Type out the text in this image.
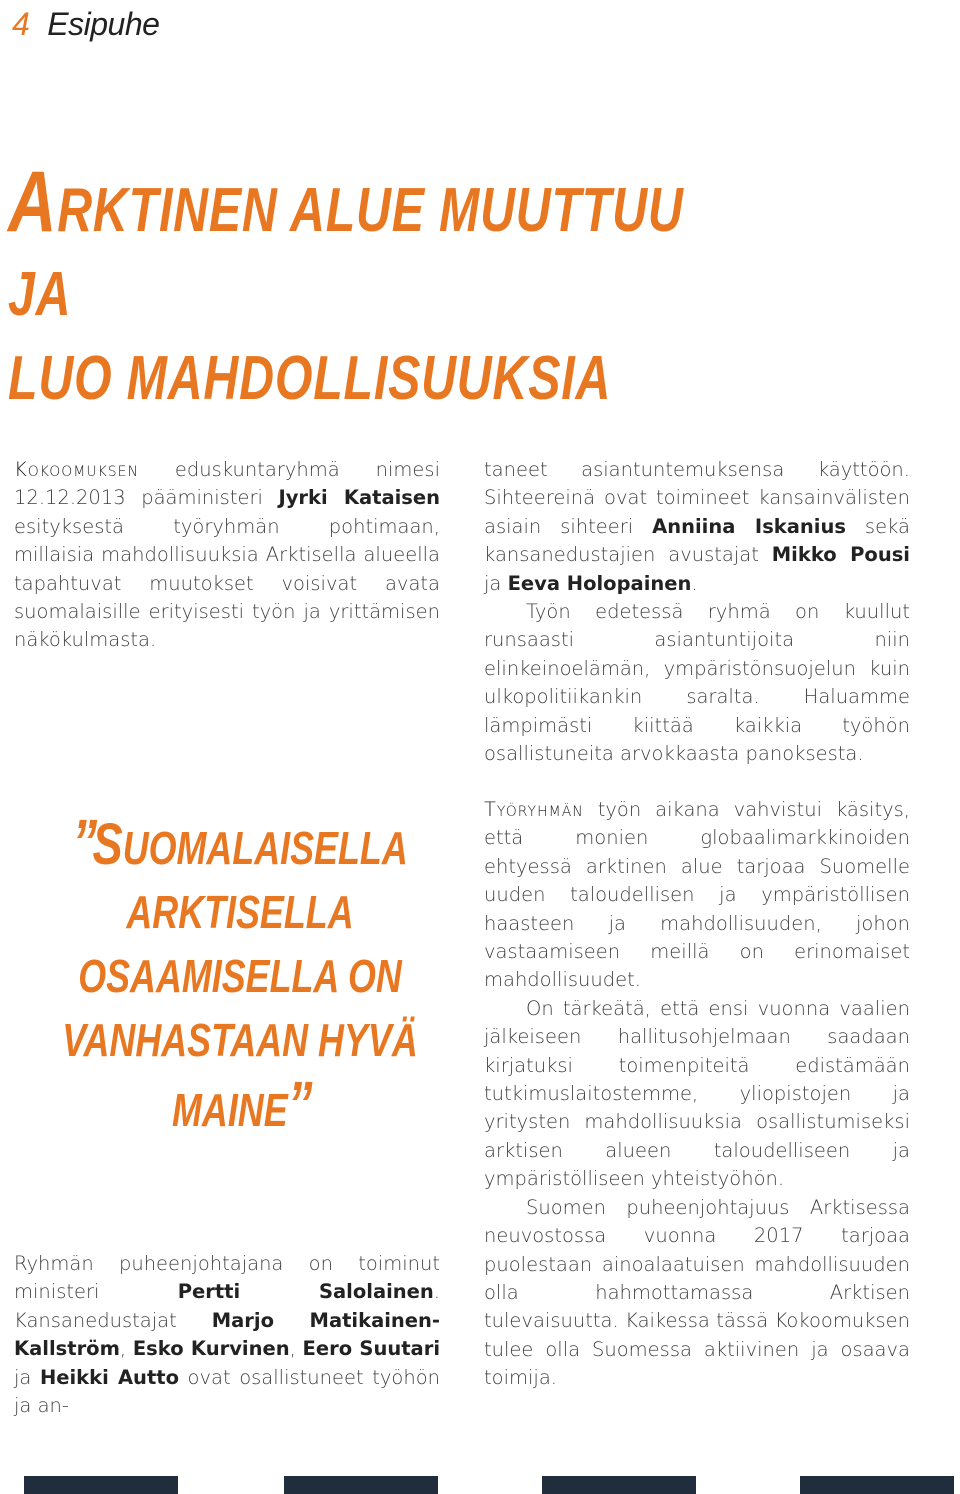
4 Esipuhe
ARKTINEN ALUE MUUTTUU JA
LUO MAHDOLLISUUKSIA

Kokoomuksen eduskuntaryhmä nimesi 12.12.2013 pääministeri Jyrki Kataisen esityksestä työryhmän pohtimaan, millaisia mahdollisuuksia Arktisella alueella tapahtuvat muutokset voisivat avata suomalaisille erityisesti työn ja yrittämisen näkökulmasta.

”SUOMALAISELLA
ARKTISELLA
OSAAMISELLA ON
VANHASTAAN HYVÄ
MAINE”

Ryhmän puheenjohtajana on toiminut ministeri Pertti Salolainen. Kansanedustajat Marjo Matikainen-Kallström, Esko Kurvinen, Eero Suutari ja Heikki Autto ovat osallistuneet työhön ja an-

taneet asiantuntemuksensa käyttöön. Sihteereinä ovat toimineet kansainvälisten asiain sihteeri Anniina Iskanius sekä kansanedustajien avustajat Mikko Pousi ja Eeva Holopainen.

Työn edetessä ryhmä on kuullut runsaasti asiantuntijoita niin elinkeinoelämän, ympäristönsuojelun kuin ulkopolitiikankin saralta. Haluamme lämpimästi kiittää kaikkia työhön osallistuneita arvokkaasta panoksesta.

Työryhmän työn aikana vahvistui käsitys, että monien globaalimarkkinoiden ehtyessä arktinen alue tarjoaa Suomelle uuden taloudellisen ja ympäristöllisen haasteen ja mahdollisuuden, johon vastaamiseen meillä on erinomaiset mahdollisuudet.

On tärkeätä, että ensi vuonna vaalien jälkeiseen hallitusohjelmaan saadaan kirjatuksi toimenpiteitä edistämään tutkimuslaitostemme, yliopistojen ja yritysten mahdollisuuksia osallistumiseksi arktisen alueen taloudelliseen ja ympäristölliseen yhteistyöhön.

Suomen puheenjohtajuus Arktisessa neuvostossa vuonna 2017 tarjoaa puolestaan ainoalaatuisen mahdollisuuden olla hahmottamassa Arktisen tulevaisuutta. Kaikessa tässä Kokoomuksen tulee olla Suomessa aktiivinen ja osaava toimija.
